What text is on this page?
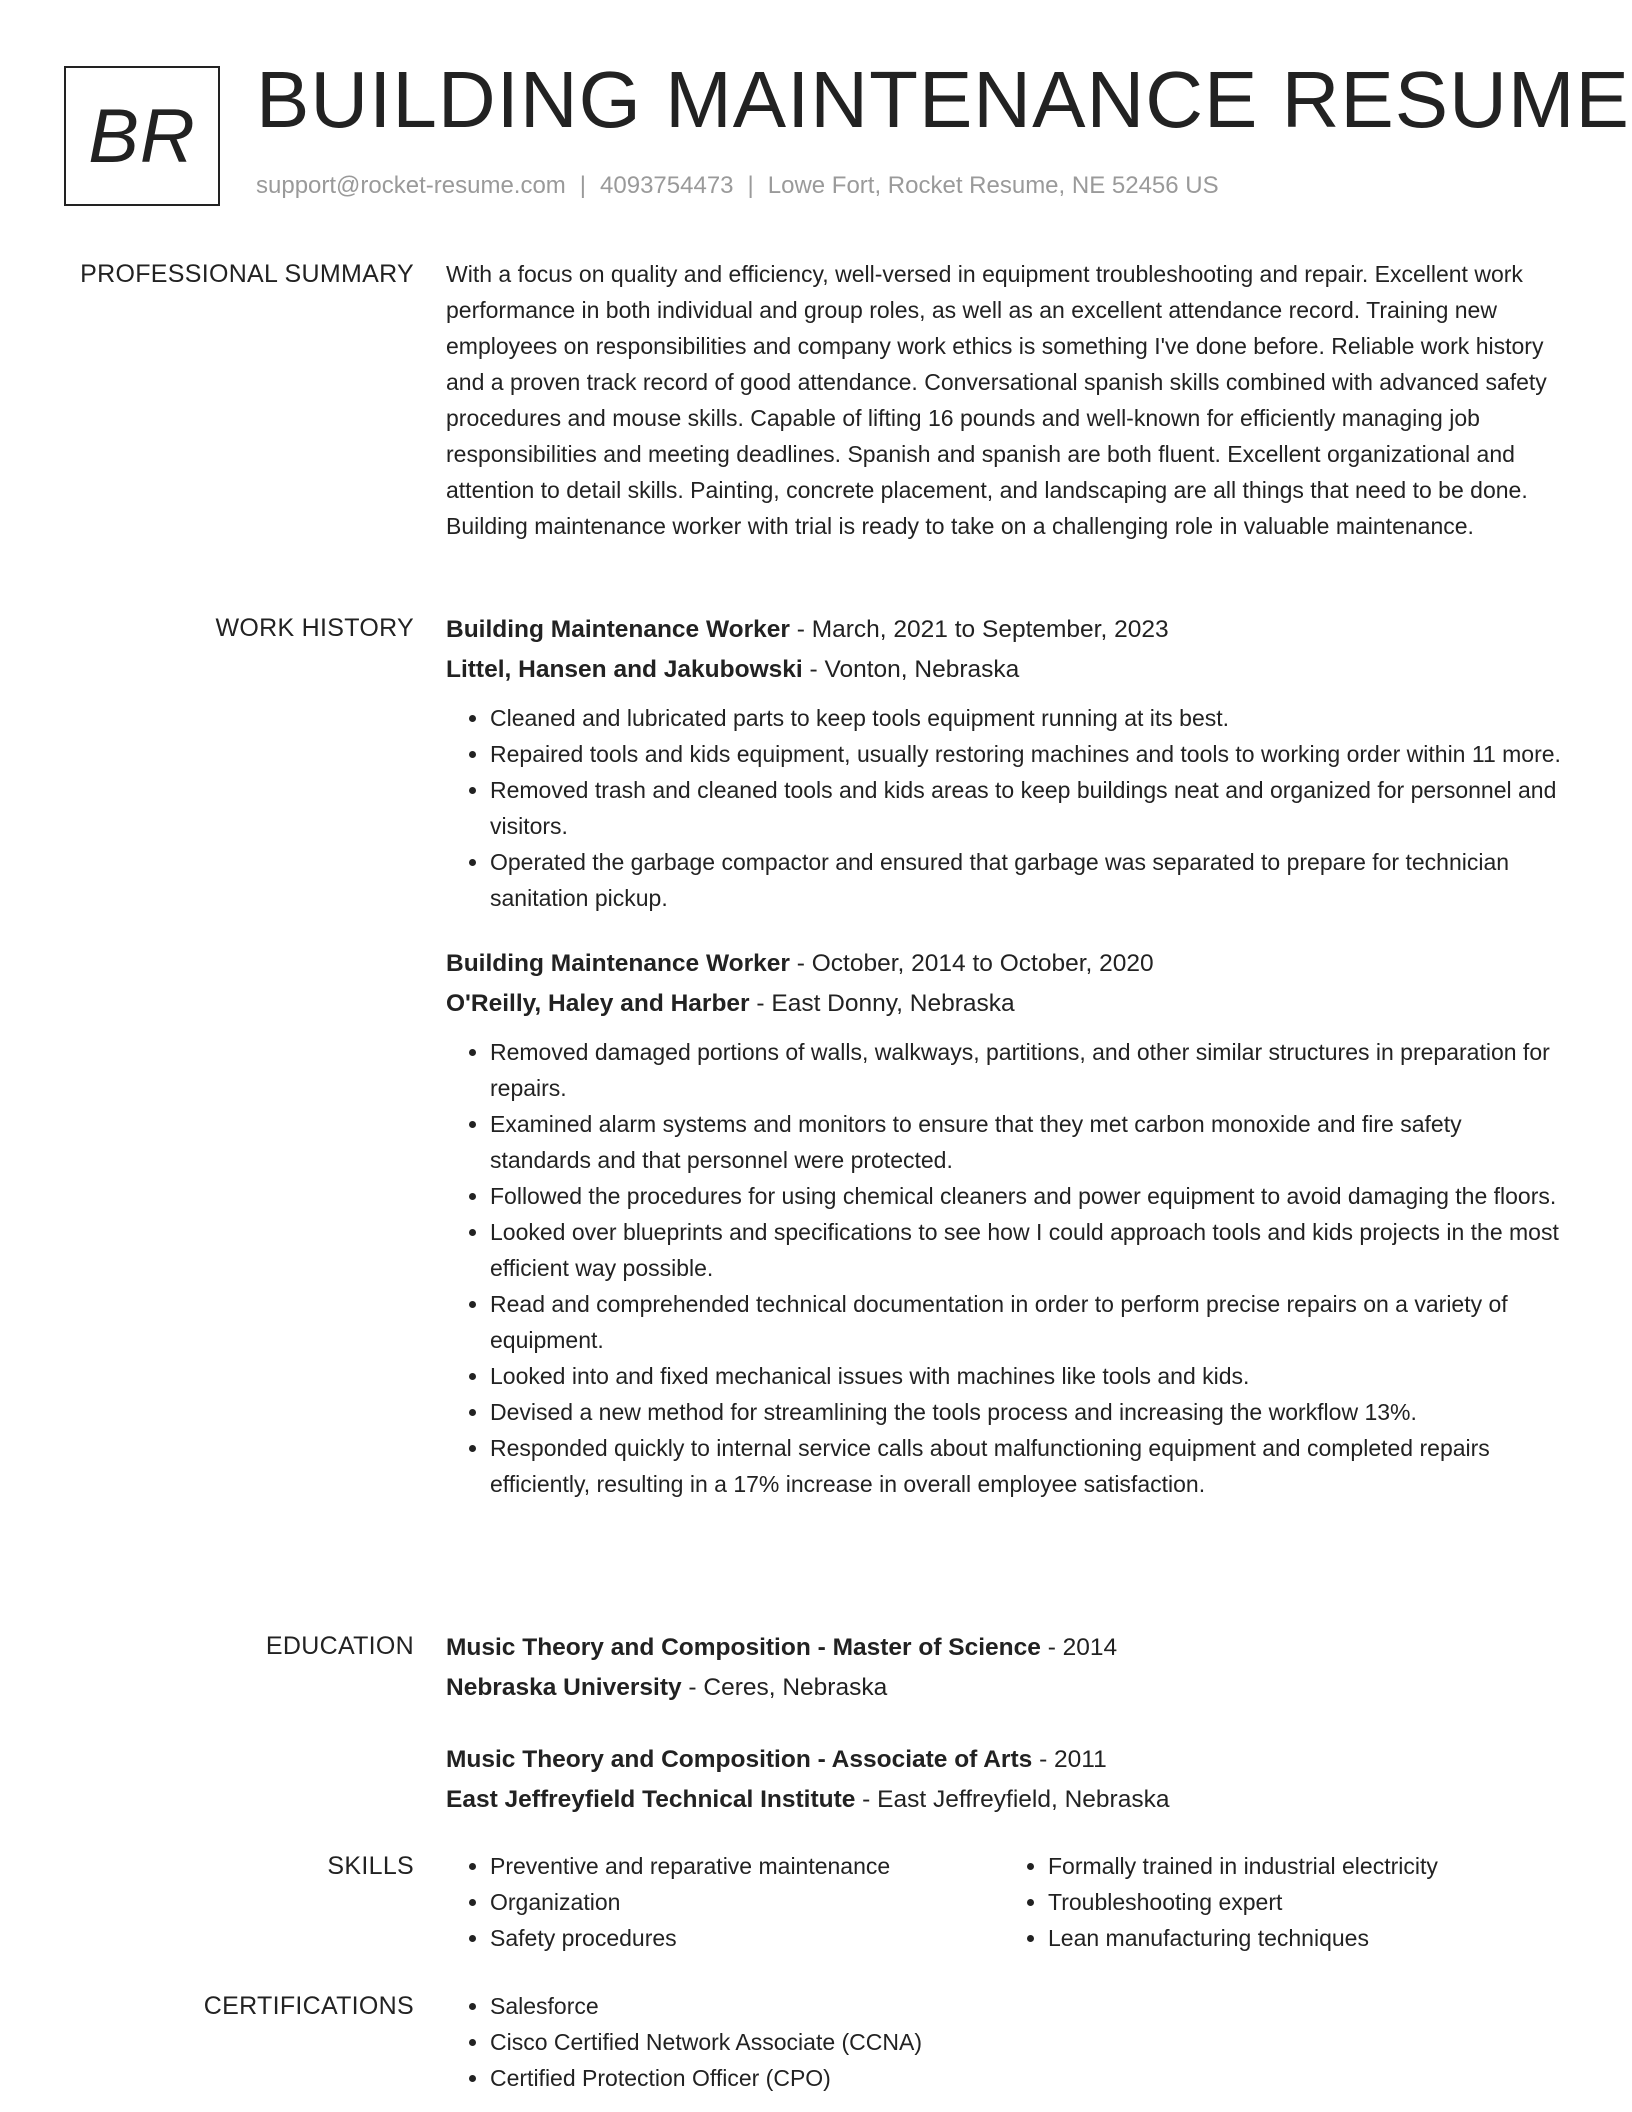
BR BUILDING MAINTENANCE RESUME
support@rocket-resume.com | 4093754473 | Lowe Fort, Rocket Resume, NE 52456 US
PROFESSIONAL SUMMARY With a focus on quality and efficiency, well-versed in equipment troubleshooting and repair. Excellent work performance in both individual and group roles, as well as an excellent attendance record. Training new employees on responsibilities and company work ethics is something I've done before. Reliable work history and a proven track record of good attendance. Conversational spanish skills combined with advanced safety procedures and mouse skills. Capable of lifting 16 pounds and well-known for efficiently managing job responsibilities and meeting deadlines. Spanish and spanish are both fluent. Excellent organizational and attention to detail skills. Painting, concrete placement, and landscaping are all things that need to be done. Building maintenance worker with trial is ready to take on a challenging role in valuable maintenance.

WORK HISTORY Building Maintenance Worker - March, 2021 to September, 2023
Littel, Hansen and Jakubowski - Vonton, Nebraska
• Cleaned and lubricated parts to keep tools equipment running at its best.
• Repaired tools and kids equipment, usually restoring machines and tools to working order within 11 more.
• Removed trash and cleaned tools and kids areas to keep buildings neat and organized for personnel and visitors.
• Operated the garbage compactor and ensured that garbage was separated to prepare for technician sanitation pickup.
Building Maintenance Worker - October, 2014 to October, 2020
O'Reilly, Haley and Harber - East Donny, Nebraska
• Removed damaged portions of walls, walkways, partitions, and other similar structures in preparation for repairs.
• Examined alarm systems and monitors to ensure that they met carbon monoxide and fire safety standards and that personnel were protected.
• Followed the procedures for using chemical cleaners and power equipment to avoid damaging the floors.
• Looked over blueprints and specifications to see how I could approach tools and kids projects in the most efficient way possible.
• Read and comprehended technical documentation in order to perform precise repairs on a variety of equipment.
• Looked into and fixed mechanical issues with machines like tools and kids.
• Devised a new method for streamlining the tools process and increasing the workflow 13%.
• Responded quickly to internal service calls about malfunctioning equipment and completed repairs efficiently, resulting in a 17% increase in overall employee satisfaction.
EDUCATION Music Theory and Composition - Master of Science - 2014
Nebraska University - Ceres, Nebraska
Music Theory and Composition - Associate of Arts - 2011
East Jeffreyfield Technical Institute - East Jeffreyfield, Nebraska
SKILLS	• Preventive and reparative maintenance
• Organization
• Safety procedures
• Formally trained in industrial electricity
• Troubleshooting expert
• Lean manufacturing techniques
CERTIFICATIONS	• Salesforce
• Cisco Certified Network Associate (CCNA)
• Certified Protection Officer (CPO)
